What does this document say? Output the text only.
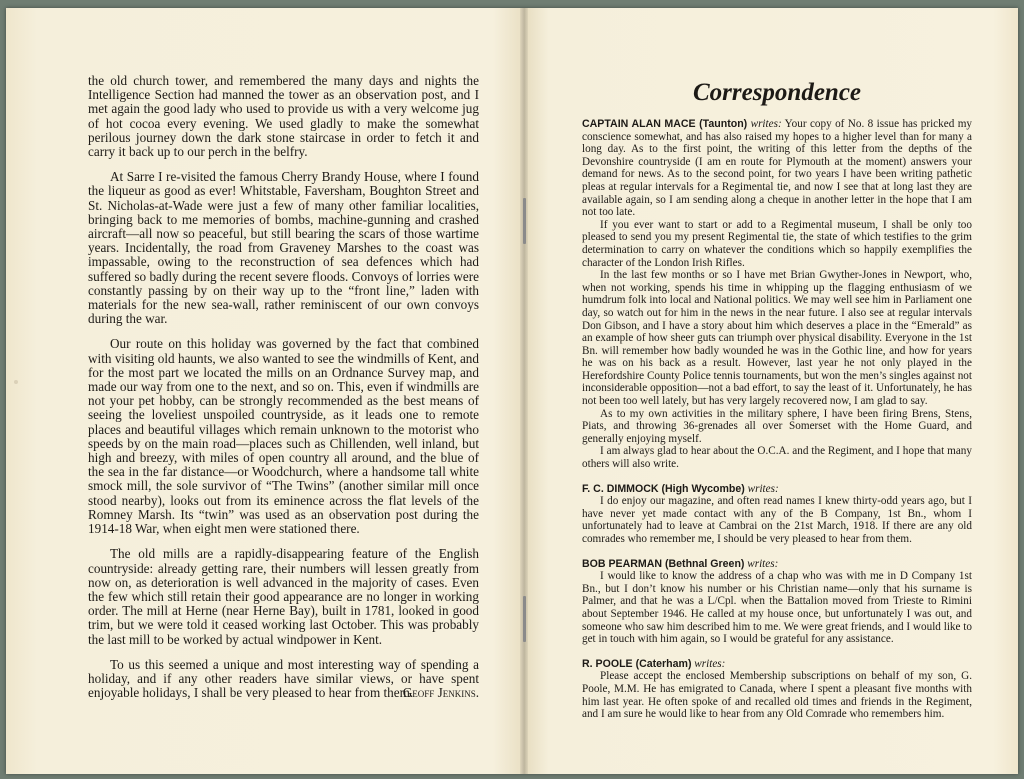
the old church tower, and remembered the many days and nights the Intelligence Section had manned the tower as an observation post, and I met again the good lady who used to provide us with a very welcome jug of hot cocoa every evening. We used gladly to make the somewhat perilous journey down the dark stone staircase in order to fetch it and carry it back up to our perch in the belfry.

At Sarre I re-visited the famous Cherry Brandy House, where I found the liqueur as good as ever! Whitstable, Faversham, Boughton Street and St. Nicholas-at-Wade were just a few of many other familiar localities, bringing back to me memories of bombs, machine-gunning and crashed aircraft—all now so peaceful, but still bearing the scars of those wartime years. Incidentally, the road from Graveney Marshes to the coast was impassable, owing to the reconstruction of sea defences which had suffered so badly during the recent severe floods. Convoys of lorries were constantly passing by on their way up to the “front line,” laden with materials for the new sea-wall, rather reminiscent of our own convoys during the war.

Our route on this holiday was governed by the fact that combined with visiting old haunts, we also wanted to see the windmills of Kent, and for the most part we located the mills on an Ordnance Survey map, and made our way from one to the next, and so on. This, even if windmills are not your pet hobby, can be strongly recommended as the best means of seeing the loveliest unspoiled countryside, as it leads one to remote places and beautiful villages which remain unknown to the motorist who speeds by on the main road—places such as Chillenden, well inland, but high and breezy, with miles of open country all around, and the blue of the sea in the far distance—or Woodchurch, where a handsome tall white smock mill, the sole survivor of “The Twins” (another similar mill once stood nearby), looks out from its eminence across the flat levels of the Romney Marsh. Its “twin” was used as an observation post during the 1914-18 War, when eight men were stationed there.

The old mills are a rapidly-disappearing feature of the English countryside: already getting rare, their numbers will lessen greatly from now on, as deterioration is well advanced in the majority of cases. Even the few which still retain their good appearance are no longer in working order. The mill at Herne (near Herne Bay), built in 1781, looked in good trim, but we were told it ceased working last October. This was probably the last mill to be worked by actual windpower in Kent.

To us this seemed a unique and most interesting way of spending a holiday, and if any other readers have similar views, or have spent enjoyable holidays, I shall be very pleased to hear from them.

Geoff Jenkins.
Correspondence

CAPTAIN ALAN MACE (Taunton) writes: Your copy of No. 8 issue has pricked my conscience somewhat, and has also raised my hopes to a higher level than for many a long day. As to the first point, the writing of this letter from the depths of the Devonshire countryside (I am en route for Plymouth at the moment) answers your demand for news. As to the second point, for two years I have been writing pathetic pleas at regular intervals for a Regimental tie, and now I see that at long last they are available again, so I am sending along a cheque in another letter in the hope that I am not too late.

If you ever want to start or add to a Regimental museum, I shall be only too pleased to send you my present Regimental tie, the state of which testifies to the grim determination to carry on whatever the conditions which so happily exemplifies the character of the London Irish Rifles.

In the last few months or so I have met Brian Gwyther-Jones in Newport, who, when not working, spends his time in whipping up the flagging enthusiasm of we humdrum folk into local and National politics. We may well see him in Parliament one day, so watch out for him in the news in the near future. I also see at regular intervals Don Gibson, and I have a story about him which deserves a place in the “Emerald” as an example of how sheer guts can triumph over physical disability. Everyone in the 1st Bn. will remember how badly wounded he was in the Gothic line, and how for years he was on his back as a result. However, last year he not only played in the Herefordshire County Police tennis tournaments, but won the men’s singles against not inconsiderable opposition—not a bad effort, to say the least of it. Unfortunately, he has not been too well lately, but has very largely recovered now, I am glad to say.

As to my own activities in the military sphere, I have been firing Brens, Stens, Piats, and throwing 36-grenades all over Somerset with the Home Guard, and generally enjoying myself.

I am always glad to hear about the O.C.A. and the Regiment, and I hope that many others will also write.

F. C. DIMMOCK (High Wycombe) writes:

I do enjoy our magazine, and often read names I knew thirty-odd years ago, but I have never yet made contact with any of the B Company, 1st Bn., whom I unfortunately had to leave at Cambrai on the 21st March, 1918. If there are any old comrades who remember me, I should be very pleased to hear from them.

BOB PEARMAN (Bethnal Green) writes:

I would like to know the address of a chap who was with me in D Company 1st Bn., but I don’t know his number or his Christian name—only that his surname is Palmer, and that he was a L/Cpl. when the Battalion moved from Trieste to Rimini about September 1946. He called at my house once, but unfortunately I was out, and someone who saw him described him to me. We were great friends, and I would like to get in touch with him again, so I would be grateful for any assistance.

R. POOLE (Caterham) writes:

Please accept the enclosed Membership subscriptions on behalf of my son, G. Poole, M.M. He has emigrated to Canada, where I spent a pleasant five months with him last year. He often spoke of and recalled old times and friends in the Regiment, and I am sure he would like to hear from any Old Comrade who remembers him.
